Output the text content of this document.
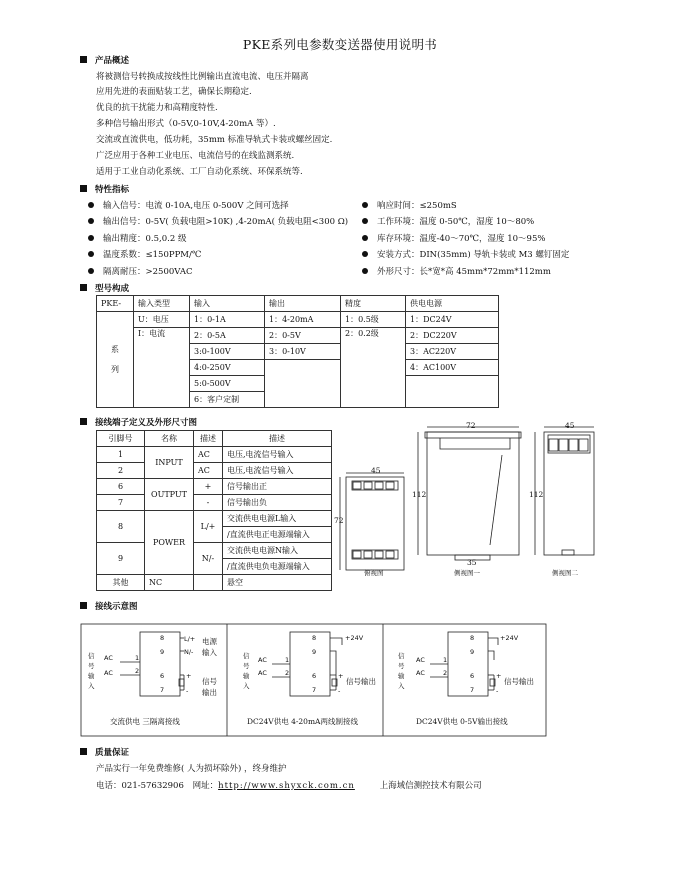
PKE系列电参数变送器使用说明书
产品概述
将被测信号转换成按线性比例输出直流电流、电压并隔离
应用先进的表面贴装工艺，确保长期稳定.
优良的抗干扰能力和高精度特性.
多种信号输出形式（0-5V,0-10V,4-20mA 等）.
交流或直流供电，低功耗，35mm 标准导轨式卡装或螺丝固定.
广泛应用于各种工业电压、电流信号的在线监测系统.
适用于工业自动化系统、工厂自动化系统、环保系统等.
特性指标
输入信号：电流 0-10A,电压 0-500V 之间可选择
输出信号：0-5V( 负载电阻>10K) ,4-20mA( 负载电阻<300 Ω)
输出精度：0.5,0.2 级
温度系数：≤150PPM/℃
隔离耐压：>2500VAC
响应时间：≤250mS
工作环境：温度 0-50℃，湿度 10～80%
库存环境：温度-40～70℃，湿度 10～95%
安装方式：DIN(35mm) 导轨卡装或 M3 螺钉固定
外形尺寸：长*宽*高 45mm*72mm*112mm
型号构成
PKE-	输入类型	输入	输出	精度	供电电源
系

列	U：电压	1：0-1A	1：4-20mA	1：0.5级	1：DC24V
	I：电流	2：0-5A	2：0-5V	2：0.2级	2：DC220V
		3:0-100V	3：0-10V		3：AC220V
		4:0-250V			4：AC100V
		5:0-500V			
		6：客户定制			
接线端子定义及外形尺寸图
引脚号	名称	描述	描述
1	INPUT	AC	电压,电流信号输入
2		AC	电压,电流信号输入
6	OUTPUT	+	信号输出正
7		-	信号输出负
8	POWER	L/+	交流供电电源L输入
			/直流供电正电源端输入
9		N/-	交流供电电源N输入
			/直流供电负电源端输入
其他	NC		悬空
45
72
俯视图
72
112
35
侧视图一
45
112
侧视图二
接线示意图
信
号
输
入
AC
AC
1
2
8
9
6
7
L/+
N/-
电源
输入
+
-
信号
输出
交流供电 三隔离接线
信
号
输
入
AC
AC
1
2
8
9
6
7
+24V
+
-
信号输出
DC24V供电 4-20mA两线制接线
信
号
输
入
AC
AC
1
2
8
9
6
7
+24V
+
-
信号输出
DC24V供电 0-5V输出接线
质量保证
产品实行一年免费维修( 人为损坏除外) ，终身维护
电话：021-57632906 网址：http://www.shyxck.com.cn	上海域信测控技术有限公司
